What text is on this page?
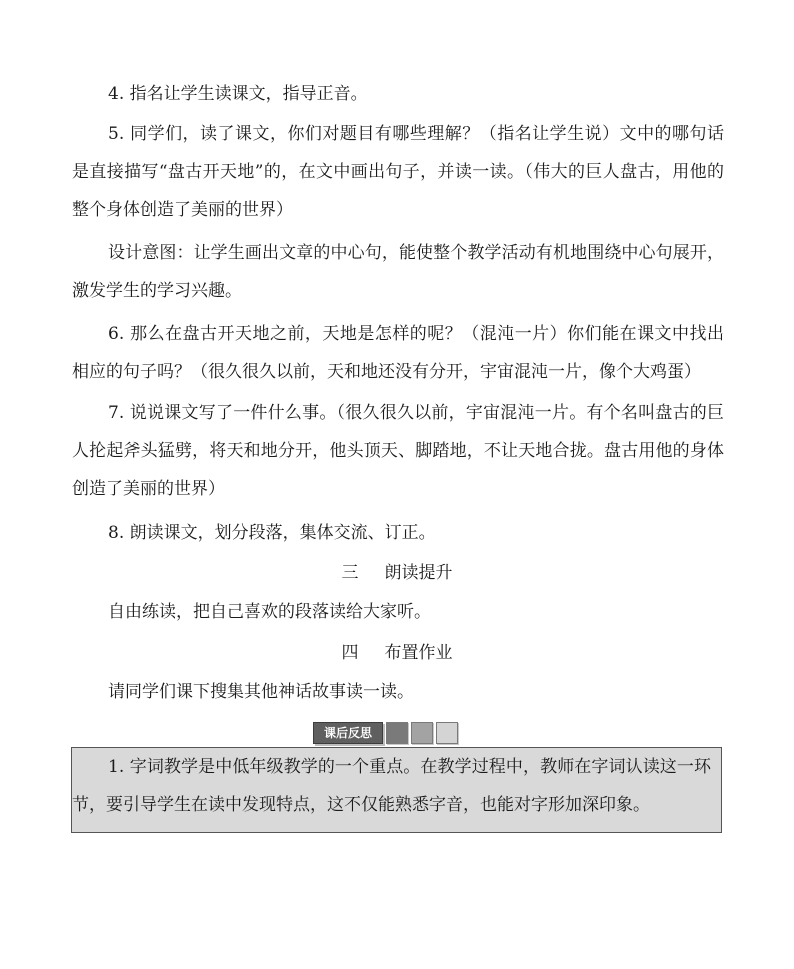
4. 指名让学生读课文，指导正音。

5. 同学们，读了课文，你们对题目有哪些理解？（指名让学生说）文中的哪句话是直接描写“盘古开天地”的，在文中画出句子，并读一读。（伟大的巨人盘古，用他的整个身体创造了美丽的世界）

设计意图：让学生画出文章的中心句，能使整个教学活动有机地围绕中心句展开，激发学生的学习兴趣。

6. 那么在盘古开天地之前，天地是怎样的呢？（混沌一片）你们能在课文中找出相应的句子吗？（很久很久以前，天和地还没有分开，宇宙混沌一片，像个大鸡蛋）

7. 说说课文写了一件什么事。（很久很久以前，宇宙混沌一片。有个名叫盘古的巨人抡起斧头猛劈，将天和地分开，他头顶天、脚踏地，不让天地合拢。盘古用他的身体创造了美丽的世界）

8. 朗读课文，划分段落，集体交流、订正。

三 朗读提升

自由练读，把自己喜欢的段落读给大家听。

四 布置作业

请同学们课下搜集其他神话故事读一读。

课后反思

1. 字词教学是中低年级教学的一个重点。在教学过程中，教师在字词认读这一环节，要引导学生在读中发现特点，这不仅能熟悉字音，也能对字形加深印象。
